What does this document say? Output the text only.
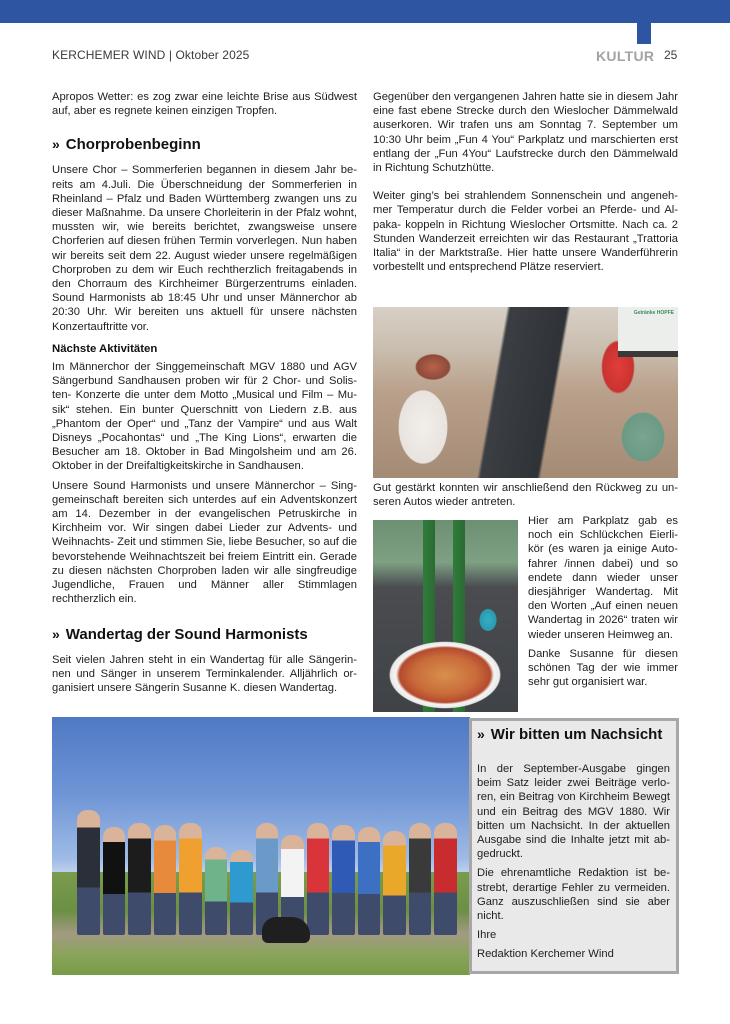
KERCHEMER WIND | Oktober 2025	KULTUR 25

Apropos Wetter: es zog zwar eine leichte Brise aus Südwest auf, aber es regnete keinen einzigen Tropfen.

» Chorprobenbeginn

Unsere Chor – Sommerferien begannen in diesem Jahr bereits am 4.Juli. Die Überschneidung der Sommerferien in Rheinland – Pfalz und Baden Württemberg zwangen uns zu dieser Maßnahme. Da unsere Chorleiterin in der Pfalz wohnt, mussten wir, wie bereits berichtet, zwangsweise unsere Chorferien auf diesen frühen Termin vorverlegen. Nun haben wir bereits seit dem 22. August wieder unsere regelmäßigen Chorproben zu dem wir Euch rechtherzlich freitagabends in den Chorraum des Kirchheimer Bürgerzentrums einladen. Sound Harmonists ab 18:45 Uhr und unser Männerchor ab 20:30 Uhr. Wir bereiten uns aktuell für unsere nächsten Konzertauftritte vor.

Nächste Aktivitäten

Im Männerchor der Singgemeinschaft MGV 1880 und AGV Sängerbund Sandhausen proben wir für 2 Chor- und Solisten- Konzerte die unter dem Motto „Musical und Film – Musik“ stehen. Ein bunter Querschnitt von Liedern z.B. aus „Phantom der Oper“ und „Tanz der Vampire“ und aus Walt Disneys „Pocahontas“ und „The King Lions“, erwarten die Besucher am 18. Oktober in Bad Mingolsheim und am 26. Oktober in der Dreifaltigkeitskirche in Sandhausen.

Unsere Sound Harmonists und unsere Männerchor – Singgemeinschaft bereiten sich unterdes auf ein Adventskonzert am 14. Dezember in der evangelischen Petruskirche in Kirchheim vor. Wir singen dabei Lieder zur Advents- und Weihnachts- Zeit und stimmen Sie, liebe Besucher, so auf die bevorstehende Weihnachtszeit bei freiem Eintritt ein. Gerade zu diesen nächsten Chorproben laden wir alle singfreudige Jugendliche, Frauen und Männer aller Stimmlagen rechtherzlich ein.

» Wandertag der Sound Harmonists

Seit vielen Jahren steht in ein Wandertag für alle Sängerinnen und Sänger in unserem Terminkalender. Alljährlich organisiert unsere Sängerin Susanne K. diesen Wandertag.

Gegenüber den vergangenen Jahren hatte sie in diesem Jahr eine fast ebene Strecke durch den Wieslocher Dämmelwald auserkoren. Wir trafen uns am Sonntag 7. September um 10:30 Uhr beim „Fun 4 You“ Parkplatz und marschierten erst entlang der „Fun 4You“ Laufstrecke durch den Dämmelwald in Richtung Schutzhütte.

Weiter ging’s bei strahlendem Sonnenschein und angenehmer Temperatur durch die Felder vorbei an Pferde- und Alpaka- koppeln in Richtung Wieslocher Ortsmitte. Nach ca. 2 Stunden Wanderzeit erreichten wir das Restaurant „Trattoria Italia“ in der Marktstraße. Hier hatte unsere Wanderführerin vorbestellt und entsprechend Plätze reserviert.

Getränke HOPFE
Gut gestärkt konnten wir anschließend den Rückweg zu unseren Autos wieder antreten.

Hier am Parkplatz gab es noch ein Schlückchen Eierlikör (es waren ja einige Autofahrer /innen dabei) und so endete dann wieder unser diesjähriger Wandertag. Mit den Worten „Auf einen neuen Wandertag in 2026“ traten wir wieder unseren Heimweg an.

Danke Susanne für diesen schönen Tag der wie immer sehr gut organisiert war.

» Wir bitten um Nachsicht

In der September-Ausgabe gingen beim Satz leider zwei Beiträge verloren, ein Beitrag von Kirchheim Bewegt und ein Beitrag des MGV 1880. Wir bitten um Nachsicht. In der aktuellen Ausgabe sind die Inhalte jetzt mit abgedruckt.

Die ehrenamtliche Redaktion ist bestrebt, derartige Fehler zu vermeiden. Ganz auszuschließen sind sie aber nicht.

Ihre

Redaktion Kerchemer Wind
